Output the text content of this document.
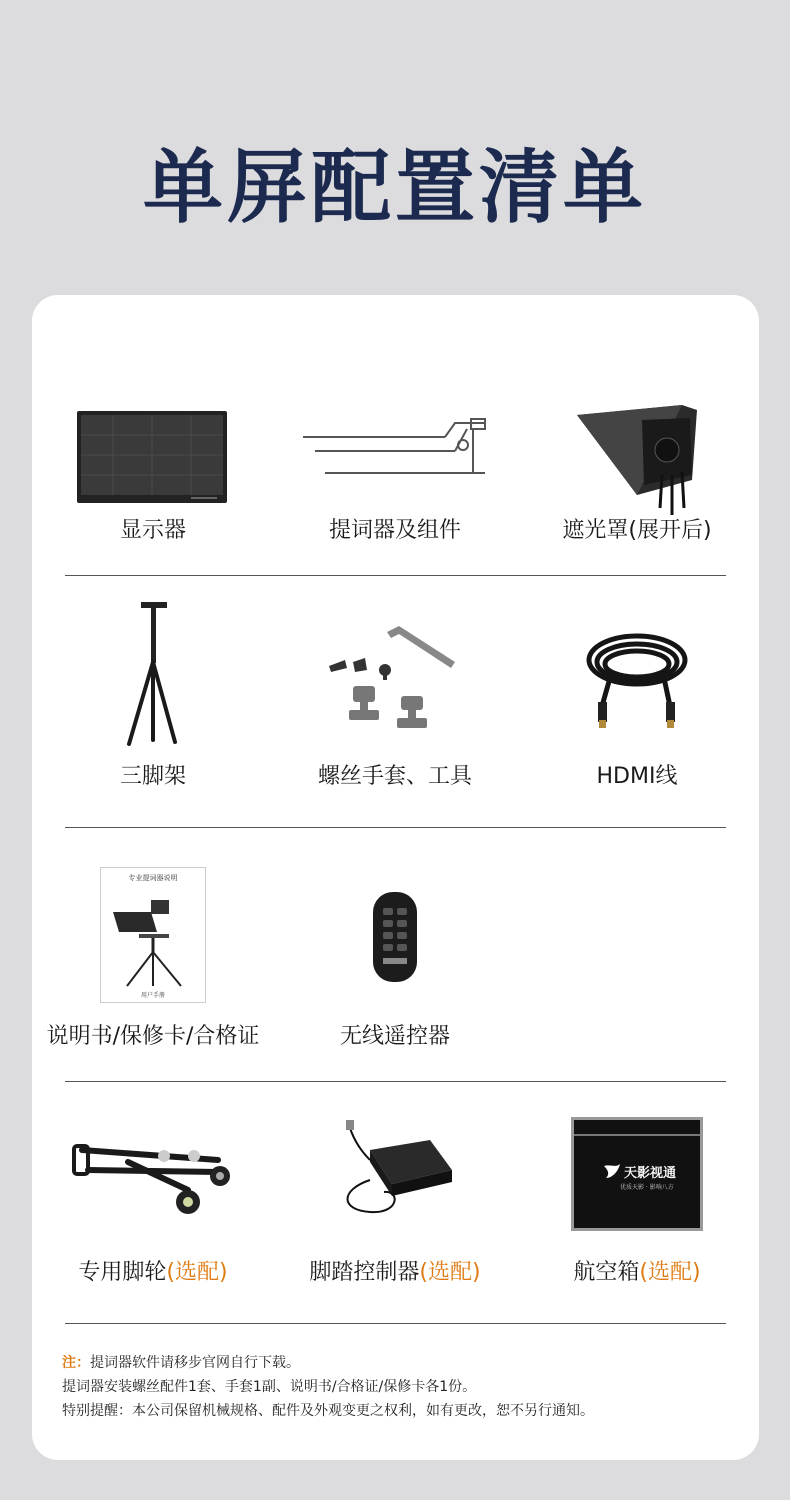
单屏配置清单
显示器	提词器及组件	遮光罩(展开后)
三脚架	螺丝手套、工具	HDMI线
专业提词器说明
用户手册
说明书/保修卡/合格证	无线遥控器
专用脚轮(选配)	脚踏控制器(选配)
天影视通
优质天影 · 影响八方
航空箱(选配)
注：提词器软件请移步官网自行下载。
提词器安装螺丝配件1套、手套1副、说明书/合格证/保修卡各1份。
特别提醒：本公司保留机械规格、配件及外观变更之权利，如有更改，恕不另行通知。
